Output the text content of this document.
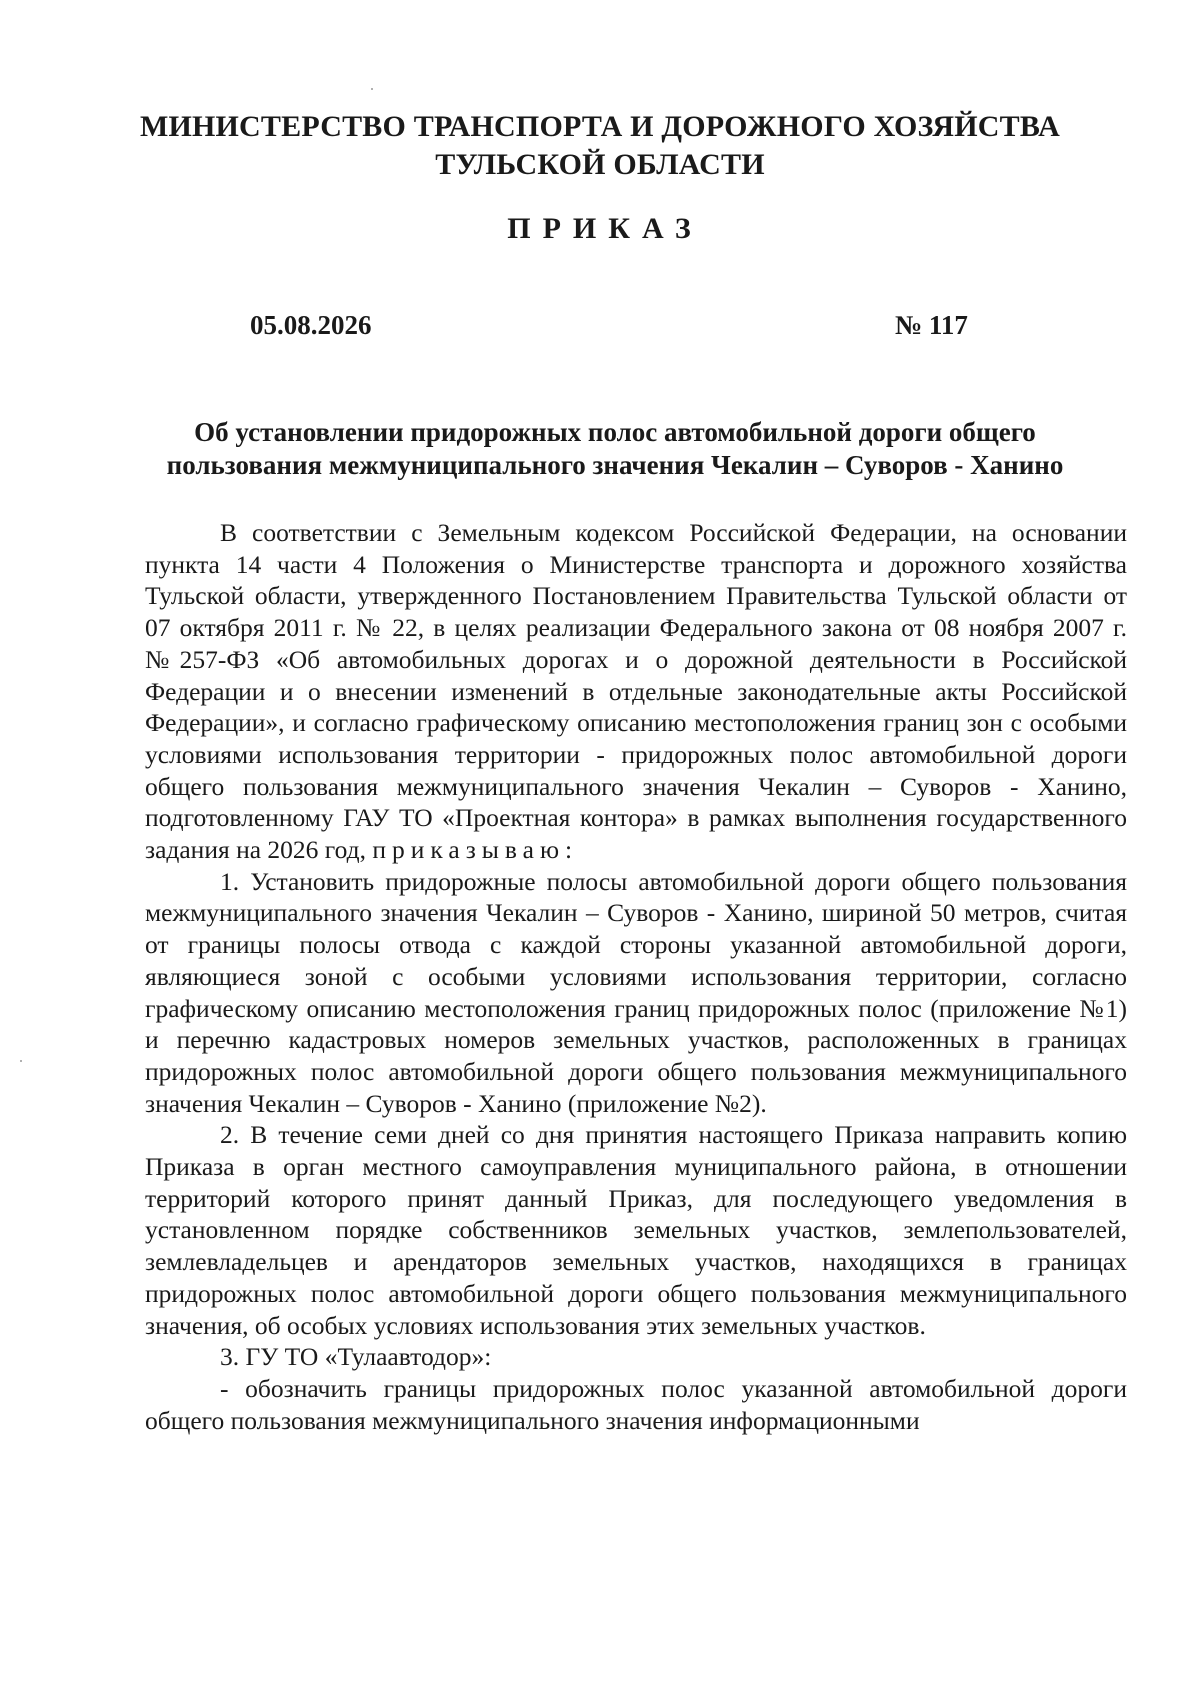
МИНИСТЕРСТВО ТРАНСПОРТА И ДОРОЖНОГО ХОЗЯЙСТВА
ТУЛЬСКОЙ ОБЛАСТИ
ПРИКАЗ
05.08.2026	№ 117
Об установлении придорожных полос автомобильной дороги общего
пользования межмуниципального значения Чекалин – Суворов - Ханино

В соответствии с Земельным кодексом Российской Федерации, на основании пункта 14 части 4 Положения о Министерстве транспорта и дорожного хозяйства Тульской области, утвержденного Постановлением Правительства Тульской области от 07 октября 2011 г. № 22, в целях реализации Федерального закона от 08 ноября 2007 г. №257-ФЗ «Об автомобильных дорогах и о дорожной деятельности в Российской Федерации и о внесении изменений в отдельные законодательные акты Российской Федерации», и согласно графическому описанию местоположения границ зон с особыми условиями использования территории - придорожных полос автомобильной дороги общего пользования межмуниципального значения Чекалин – Суворов - Ханино, подготовленному ГАУ ТО «Проектная контора» в рамках выполнения государственного задания на 2026 год, приказываю:

1. Установить придорожные полосы автомобильной дороги общего пользования межмуниципального значения Чекалин – Суворов - Ханино, шириной 50 метров, считая от границы полосы отвода с каждой стороны указанной автомобильной дороги, являющиеся зоной с особыми условиями использования территории, согласно графическому описанию местоположения границ придорожных полос (приложение №1) и перечню кадастровых номеров земельных участков, расположенных в границах придорожных полос автомобильной дороги общего пользования межмуниципального значения Чекалин – Суворов - Ханино (приложение №2).

2. В течение семи дней со дня принятия настоящего Приказа направить копию Приказа в орган местного самоуправления муниципального района, в отношении территорий которого принят данный Приказ, для последующего уведомления в установленном порядке собственников земельных участков, землепользователей, землевладельцев и арендаторов земельных участков, находящихся в границах придорожных полос автомобильной дороги общего пользования межмуниципального значения, об особых условиях использования этих земельных участков.

3. ГУ ТО «Тулаавтодор»:

- обозначить границы придорожных полос указанной автомобильной дороги общего пользования межмуниципального значения информационными
